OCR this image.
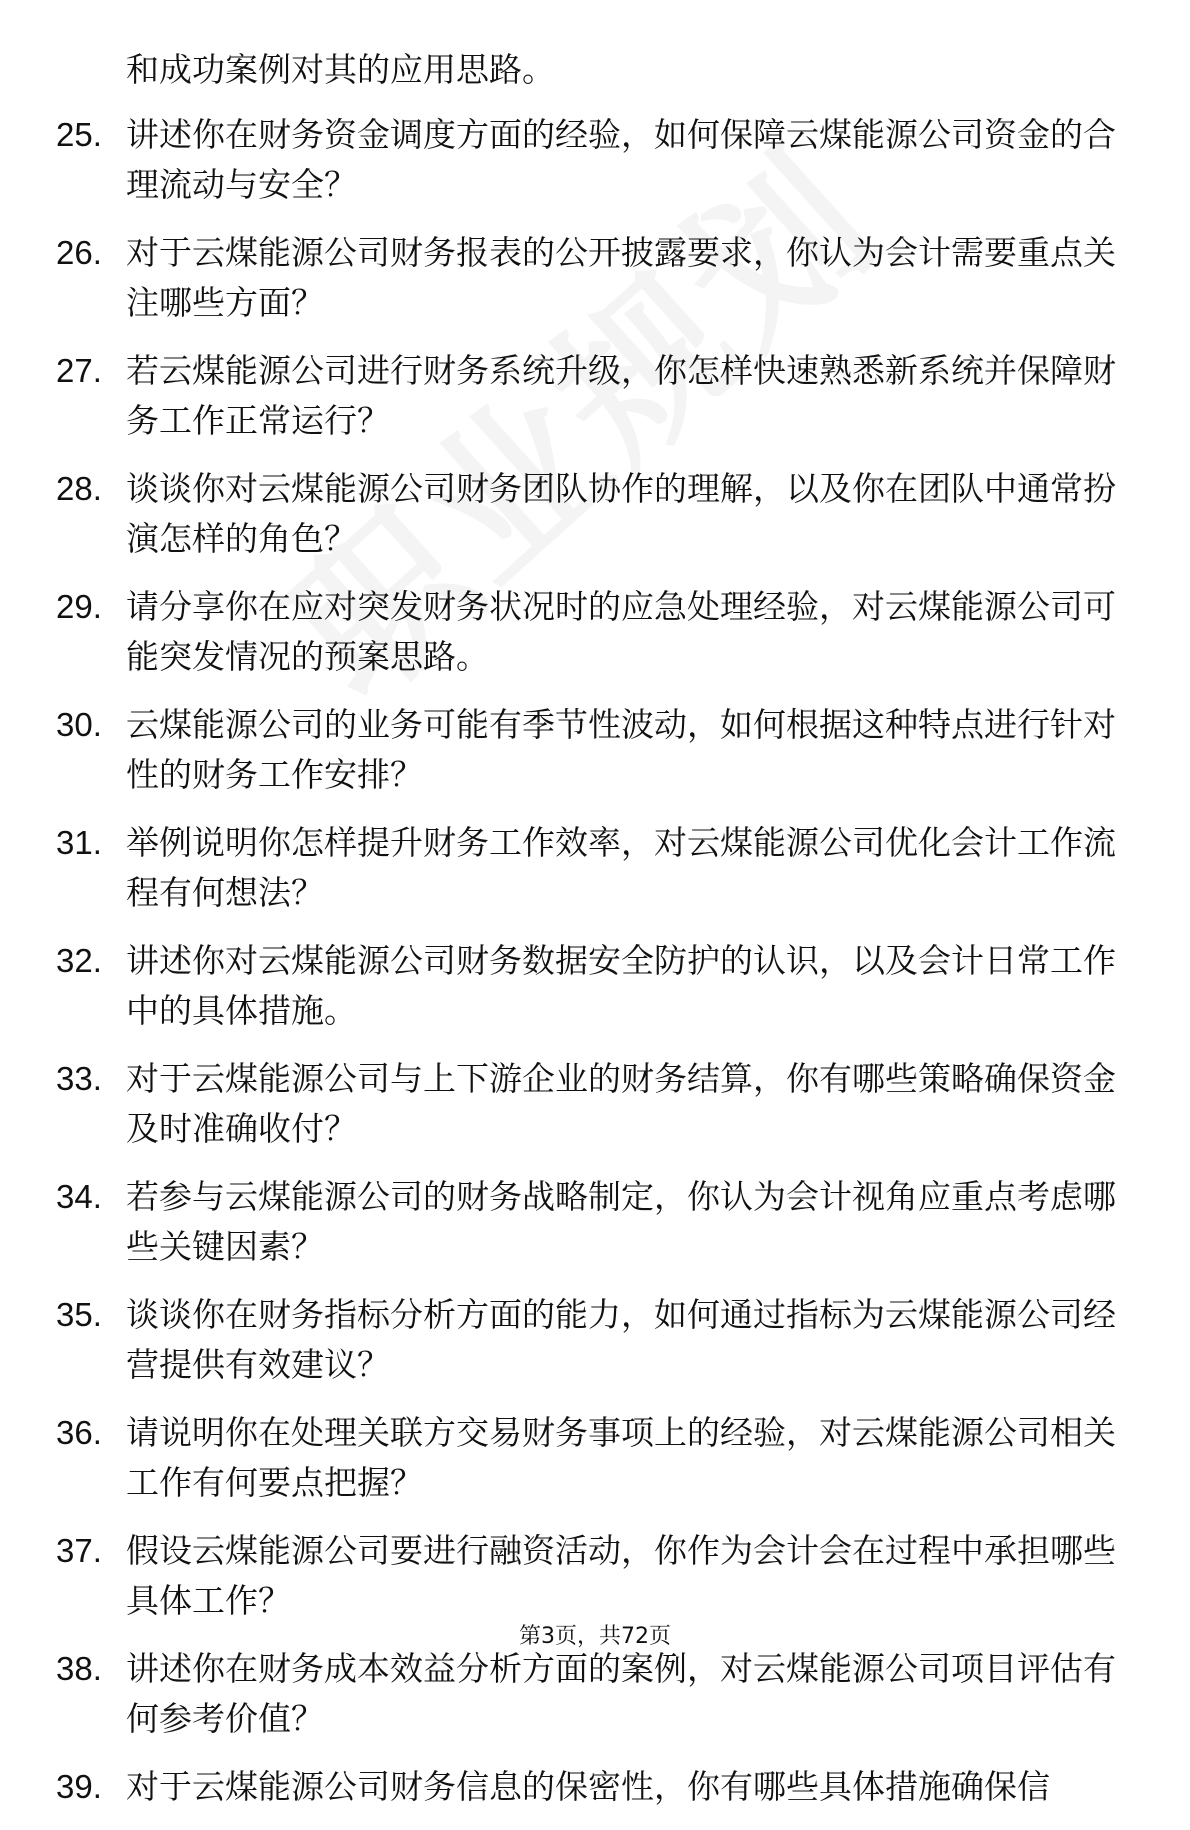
和成功案例对其的应用思路。
25. 讲述你在财务资金调度方面的经验，如何保障云煤能源公司资金的合理流动与安全？
26. 对于云煤能源公司财务报表的公开披露要求，你认为会计需要重点关注哪些方面？
27. 若云煤能源公司进行财务系统升级，你怎样快速熟悉新系统并保障财务工作正常运行？
28. 谈谈你对云煤能源公司财务团队协作的理解，以及你在团队中通常扮演怎样的角色？
29. 请分享你在应对突发财务状况时的应急处理经验，对云煤能源公司可能突发情况的预案思路。
30. 云煤能源公司的业务可能有季节性波动，如何根据这种特点进行针对性的财务工作安排？
31. 举例说明你怎样提升财务工作效率，对云煤能源公司优化会计工作流程有何想法？
32. 讲述你对云煤能源公司财务数据安全防护的认识，以及会计日常工作中的具体措施。
33. 对于云煤能源公司与上下游企业的财务结算，你有哪些策略确保资金及时准确收付？
34. 若参与云煤能源公司的财务战略制定，你认为会计视角应重点考虑哪些关键因素？
35. 谈谈你在财务指标分析方面的能力，如何通过指标为云煤能源公司经营提供有效建议？
36. 请说明你在处理关联方交易财务事项上的经验，对云煤能源公司相关工作有何要点把握？
37. 假设云煤能源公司要进行融资活动，你作为会计会在过程中承担哪些具体工作？
38. 讲述你在财务成本效益分析方面的案例，对云煤能源公司项目评估有何参考价值？
39. 对于云煤能源公司财务信息的保密性，你有哪些具体措施确保信
第3页，共72页
